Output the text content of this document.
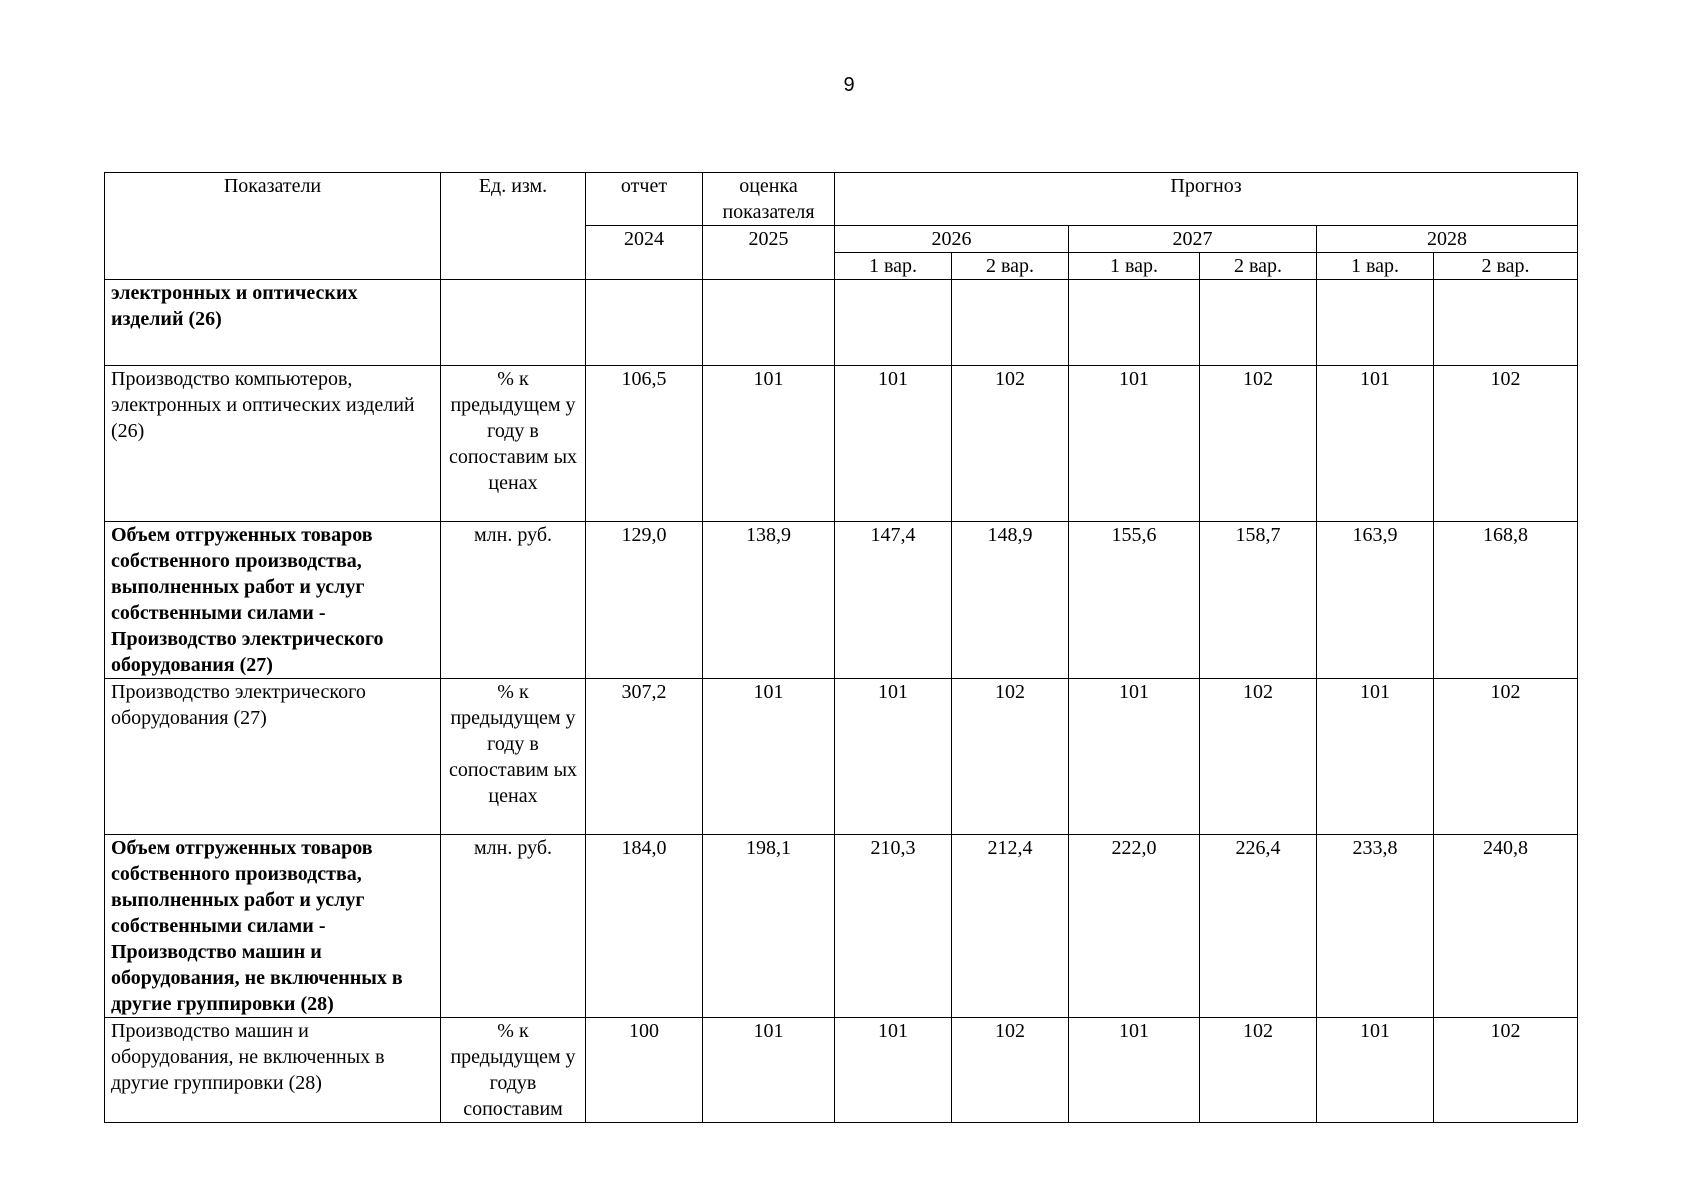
9
Показатели	Ед. изм.	отчет	оценка показателя	Прогноз					
		2024	2025	2026		2027		2028	
				1 вар.	2 вар.	1 вар.	2 вар.	1 вар.	2 вар.
электронных и оптических изделий (26)									
Производство компьютеров, электронных и оптических изделий (26)	% к предыдущем у году в сопоставим ых ценах	106,5	101	101	102	101	102	101	102
Объем отгруженных товаров собственного производства, выполненных работ и услуг собственными силами - Производство электрического оборудования (27)	млн. руб.	129,0	138,9	147,4	148,9	155,6	158,7	163,9	168,8
Производство электрического оборудования (27)	% к предыдущем у году в сопоставим ых ценах	307,2	101	101	102	101	102	101	102
Объем отгруженных товаров собственного производства, выполненных работ и услуг собственными силами - Производство машин и оборудования, не включенных в другие группировки (28)	млн. руб.	184,0	198,1	210,3	212,4	222,0	226,4	233,8	240,8
Производство машин и оборудования, не включенных в другие группировки (28)	% к предыдущем у годув сопоставим	100	101	101	102	101	102	101	102
